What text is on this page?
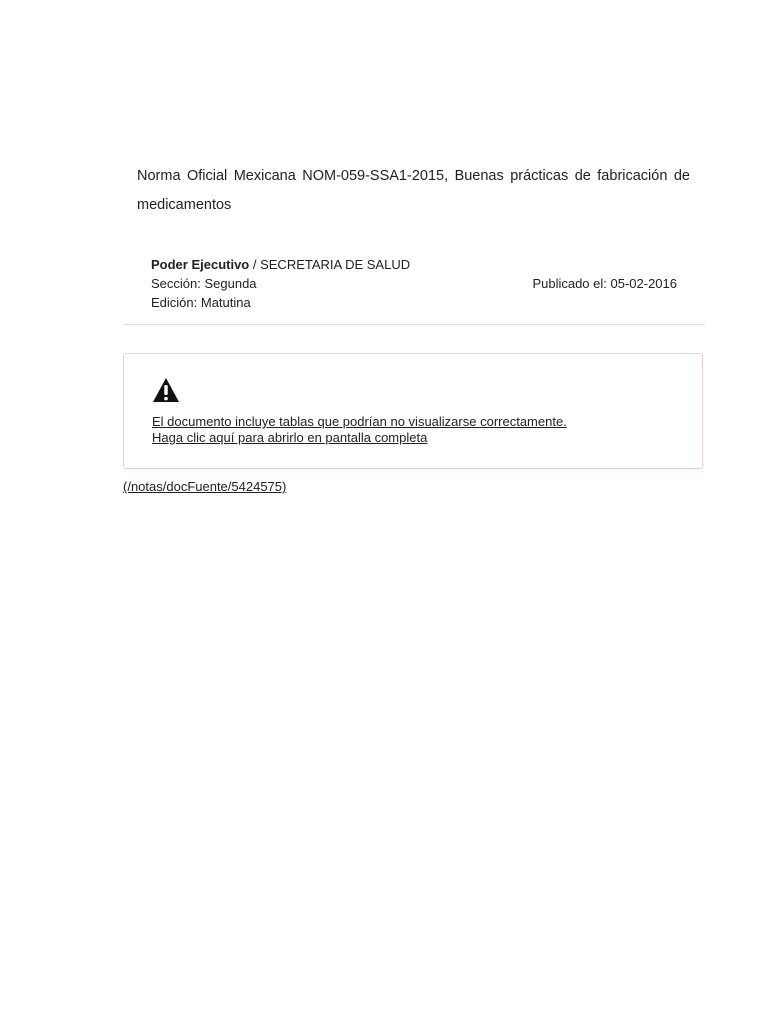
Norma Oficial Mexicana NOM-059-SSA1-2015, Buenas prácticas de fabricación de medicamentos

Poder Ejecutivo / SECRETARIA DE SALUD
Sección: Segunda	Publicado el: 05-02-2016
Edición: Matutina
El documento incluye tablas que podrían no visualizarse correctamente.
Haga clic aquí para abrirlo en pantalla completa
(/notas/docFuente/5424575)
